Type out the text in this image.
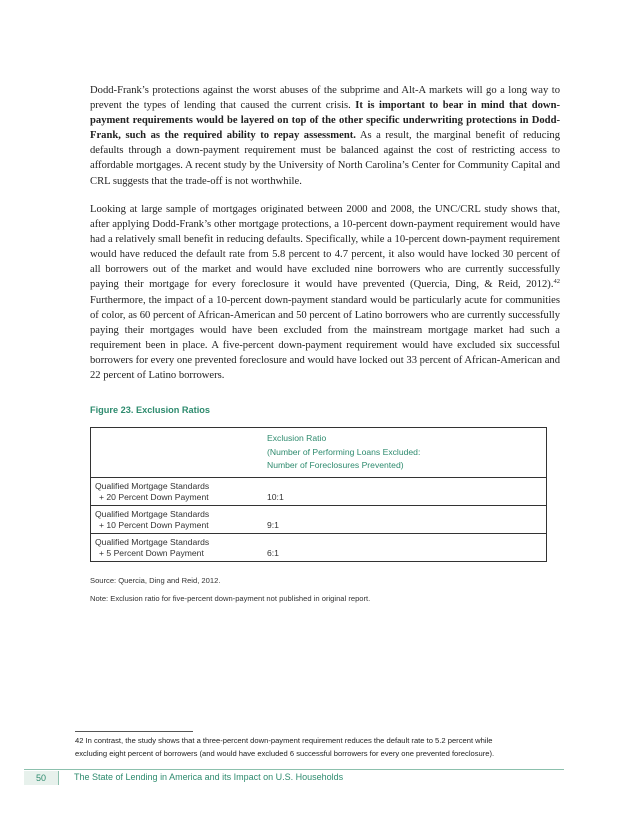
Dodd-Frank’s protections against the worst abuses of the subprime and Alt-A markets will go a long way to prevent the types of lending that caused the current crisis. It is important to bear in mind that down-payment requirements would be layered on top of the other specific underwriting protections in Dodd-Frank, such as the required ability to repay assessment. As a result, the marginal benefit of reducing defaults through a down-payment requirement must be balanced against the cost of restricting access to affordable mortgages. A recent study by the University of North Carolina’s Center for Community Capital and CRL suggests that the trade-off is not worthwhile.

Looking at large sample of mortgages originated between 2000 and 2008, the UNC/CRL study shows that, after applying Dodd-Frank’s other mortgage protections, a 10-percent down-payment requirement would have had a relatively small benefit in reducing defaults. Specifically, while a 10-percent down-payment requirement would have reduced the default rate from 5.8 percent to 4.7 percent, it also would have locked 30 percent of all borrowers out of the market and would have excluded nine borrowers who are currently successfully paying their mortgage for every foreclosure it would have prevented (Quercia, Ding, & Reid, 2012).$^{42}$ Furthermore, the impact of a 10-percent down-payment standard would be particularly acute for communities of color, as 60 percent of African-American and 50 percent of Latino borrowers who are currently successfully paying their mortgages would have been excluded from the mainstream mortgage market had such a requirement been in place. A five-percent down-payment requirement would have excluded six successful borrowers for every one prevented foreclosure and would have locked out 33 percent of African-American and 22 percent of Latino borrowers.

Figure 23. Exclusion Ratios

	Exclusion Ratio
(Number of Performing Loans Excluded:
Number of Foreclosures Prevented)

Qualified Mortgage Standards
+ 20 Percent Down Payment	10:1
Qualified Mortgage Standards
+ 10 Percent Down Payment	9:1
Qualified Mortgage Standards
+ 5 Percent Down Payment	6:1

Source: Quercia, Ding and Reid, 2012.

Note: Exclusion ratio for five-percent down-payment not published in original report.

42 In contrast, the study shows that a three-percent down-payment requirement reduces the default rate to 5.2 percent while
excluding eight percent of borrowers (and would have excluded 6 successful borrowers for every one prevented foreclosure).

50	The State of Lending in America and its Impact on U.S. Households
